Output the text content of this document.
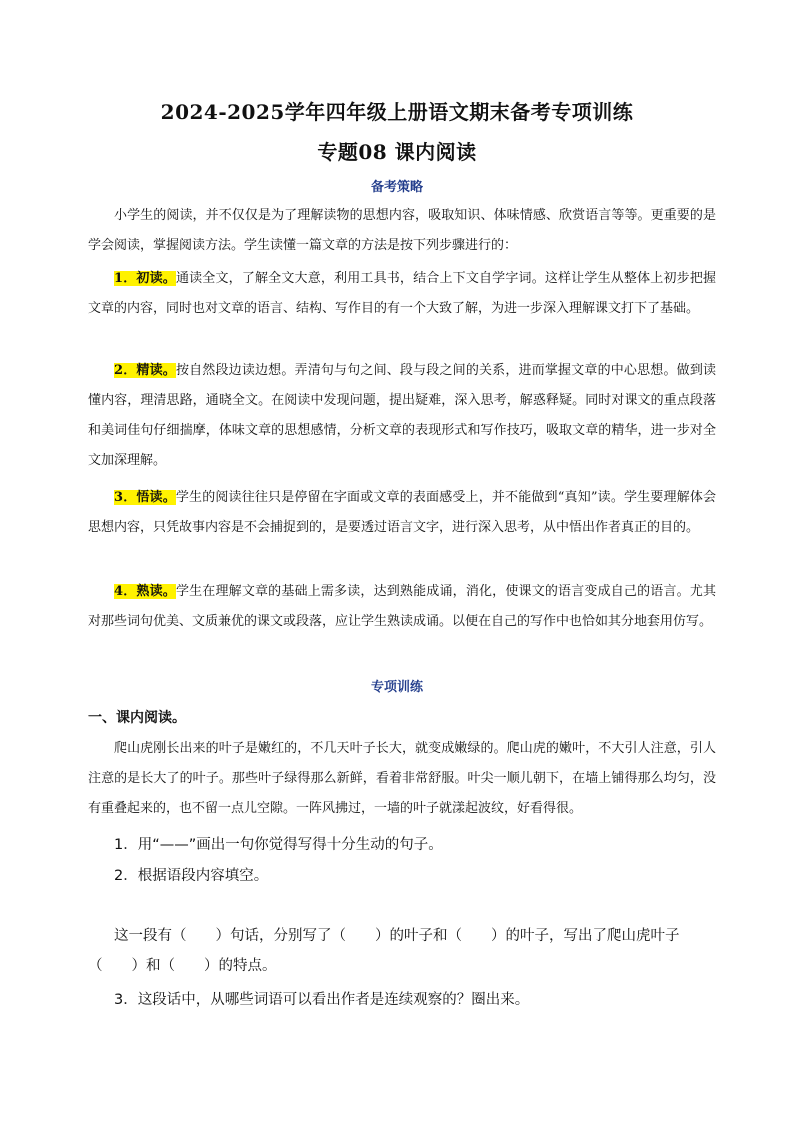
2024-2025学年四年级上册语文期末备考专项训练
专题08 课内阅读
备考策略

小学生的阅读，并不仅仅是为了理解读物的思想内容，吸取知识、体味情感、欣赏语言等等。更重要的是学会阅读，掌握阅读方法。学生读懂一篇文章的方法是按下列步骤进行的：

1．初读。通读全文，了解全文大意，利用工具书，结合上下文自学字词。这样让学生从整体上初步把握文章的内容，同时也对文章的语言、结构、写作目的有一个大致了解，为进一步深入理解课文打下了基础。

2．精读。按自然段边读边想。弄清句与句之间、段与段之间的关系，进而掌握文章的中心思想。做到读懂内容，理清思路，通晓全文。在阅读中发现问题，提出疑难，深入思考，解惑释疑。同时对课文的重点段落和美词佳句仔细揣摩，体味文章的思想感情，分析文章的表现形式和写作技巧，吸取文章的精华，进一步对全文加深理解。

3．悟读。学生的阅读往往只是停留在字面或文章的表面感受上，并不能做到“真知”读。学生要理解体会思想内容，只凭故事内容是不会捕捉到的，是要透过语言文字，进行深入思考，从中悟出作者真正的目的。

4．熟读。学生在理解文章的基础上需多读，达到熟能成诵，消化，使课文的语言变成自己的语言。尤其对那些词句优美、文质兼优的课文或段落，应让学生熟读成诵。以便在自己的写作中也恰如其分地套用仿写。

专项训练
一、课内阅读。

爬山虎刚长出来的叶子是嫩红的，不几天叶子长大，就变成嫩绿的。爬山虎的嫩叶，不大引人注意，引人注意的是长大了的叶子。那些叶子绿得那么新鲜，看着非常舒服。叶尖一顺儿朝下，在墙上铺得那么均匀，没有重叠起来的，也不留一点儿空隙。一阵风拂过，一墙的叶子就漾起波纹，好看得很。

1．用“——”画出一句你觉得写得十分生动的句子。

2．根据语段内容填空。

这一段有（　　）句话，分别写了（　　）的叶子和（　　）的叶子，写出了爬山虎叶子（　　）和（　　）的特点。

3．这段话中，从哪些词语可以看出作者是连续观察的？圈出来。
